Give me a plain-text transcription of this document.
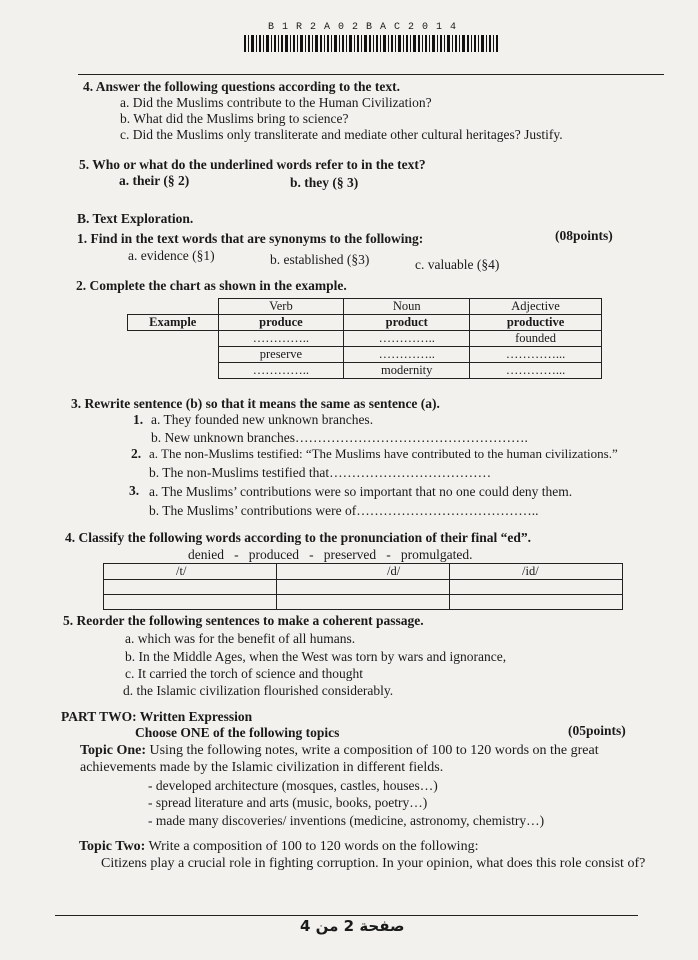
B1R2A02BAC2014
4. Answer the following questions according to the text.
a. Did the Muslims contribute to the Human Civilization?
b. What did the Muslims bring to science?
c. Did the Muslims only transliterate and mediate other cultural heritages? Justify.
5. Who or what do the underlined words refer to in the text?
a. their (§ 2)	b. they (§ 3)
B. Text Exploration.
(08points)
1. Find in the text words that are synonyms to the following:
a. evidence (§1)	b. established (§3)	c. valuable (§4)
2. Complete the chart as shown in the example.
	Verb	Noun	Adjective
Example	produce	product	productive
	…………..	…………..	founded
	preserve	…………..	…………...
	…………..	modernity	…………...
3. Rewrite sentence (b) so that it means the same as sentence (a).
1. a. They founded new unknown branches.
b. New unknown branches…………………………………………….
2. a. The non-Muslims testified: “The Muslims have contributed to the human civilizations.”
b. The non-Muslims testified that………………………………
3. a. The Muslims’ contributions were so important that no one could deny them.
b. The Muslims’ contributions were of…………………………………..
4. Classify the following words according to the pronunciation of their final “ed”.
denied   -   produced   -   preserved   -   promulgated.
/t/	/d/	/id/

5. Reorder the following sentences to make a coherent passage.
a. which was for the benefit of all humans.
b. In the Middle Ages, when the West was torn by wars and ignorance,
c. It carried the torch of science and thought
d. the Islamic civilization flourished considerably.
PART TWO: Written Expression
Choose ONE of the following topics	(05points)
Topic One: Using the following notes, write a composition of 100 to 120 words on the great
achievements made by the Islamic civilization in different fields.
- developed architecture (mosques, castles, houses…)
- spread literature and arts (music, books, poetry…)
- made many discoveries/ inventions (medicine, astronomy, chemistry…)
Topic Two: Write a composition of 100 to 120 words on the following:
Citizens play a crucial role in fighting corruption. In your opinion, what does this role consist of?
صفحة 2 من 4
